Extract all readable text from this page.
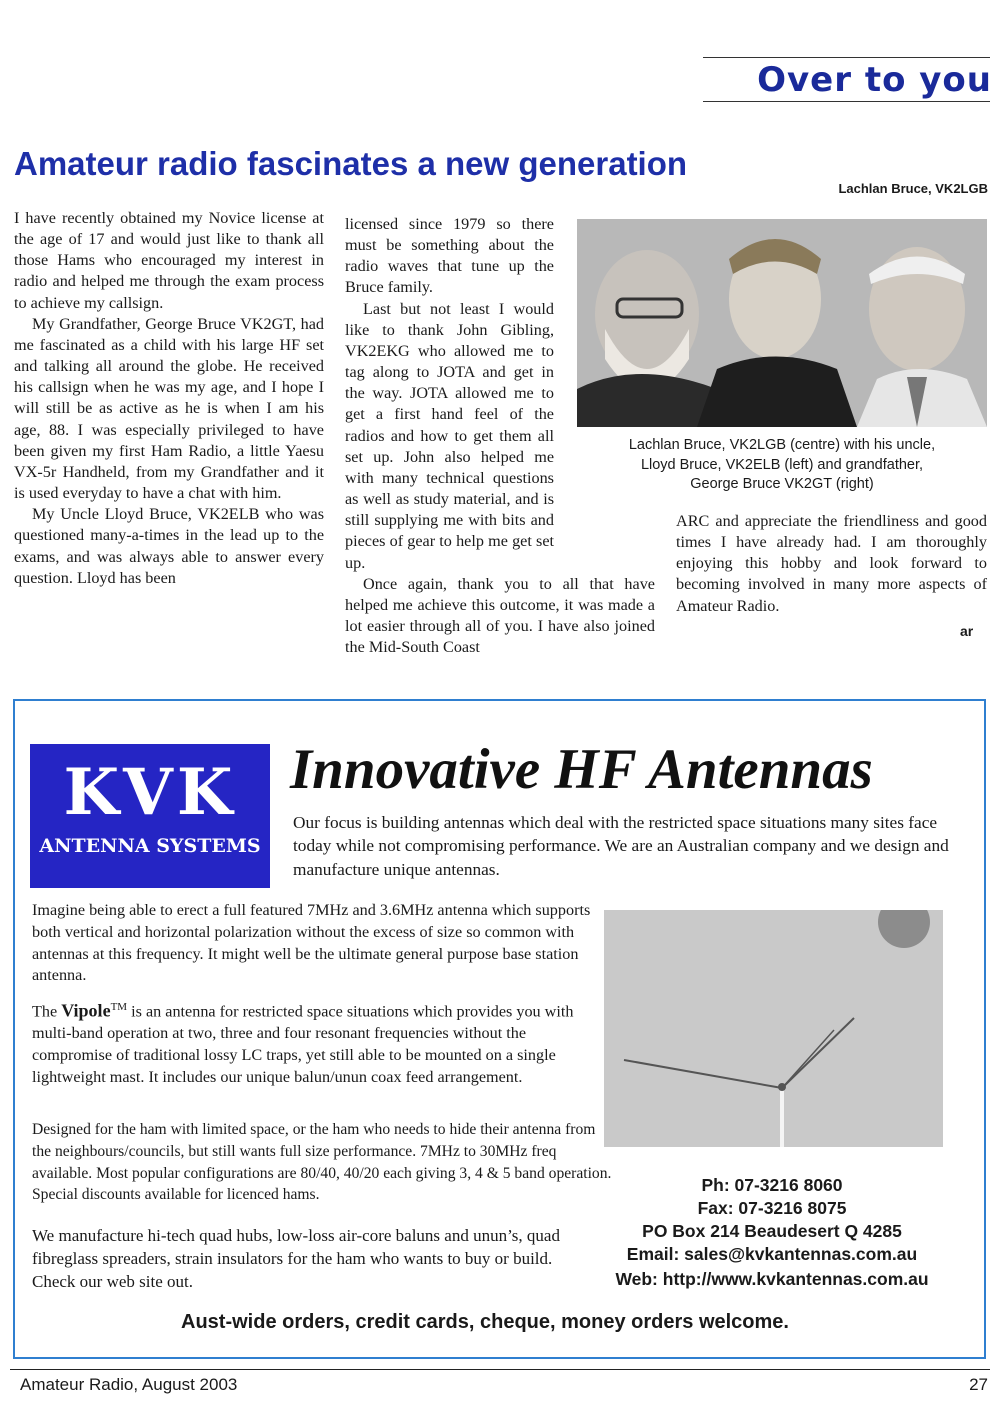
Over to you
Amateur radio fascinates a new generation
Lachlan Bruce, VK2LGB

I have recently obtained my Novice license at the age of 17 and would just like to thank all those Hams who encouraged my interest in radio and helped me through the exam process to achieve my callsign.

My Grandfather, George Bruce VK2GT, had me fascinated as a child with his large HF set and talking all around the globe. He received his callsign when he was my age, and I hope I will still be as active as he is when I am his age, 88. I was especially privileged to have been given my first Ham Radio, a little Yaesu VX-5r Handheld, from my Grandfather and it is used everyday to have a chat with him.

My Uncle Lloyd Bruce, VK2ELB who was questioned many-a-times in the lead up to the exams, and was always able to answer every question. Lloyd has been

licensed since 1979 so there must be something about the radio waves that tune up the Bruce family.

Last but not least I would like to thank John Gibling, VK2EKG who allowed me to tag along to JOTA and get in the way. JOTA allowed me to get a first hand feel of the radios and how to get them all set up. John also helped me with many technical questions as well as study material, and is still supplying me with bits and pieces of gear to help me get set up.

ARC and appreciate the friendliness and good times I have already had. I am thoroughly enjoying this hobby and look forward to becoming involved in many more aspects of Amateur Radio.

Once again, thank you to all that have helped me achieve this outcome, it was made a lot easier through all of you. I have also joined the Mid-South Coast

Lachlan Bruce, VK2LGB (centre) with his uncle,
Lloyd Bruce, VK2ELB (left) and grandfather,
George Bruce VK2GT (right)
ar
KVK
ANTENNA SYSTEMS
Innovative HF Antennas
Our focus is building antennas which deal with the restricted space situations many sites face today while not compromising performance. We are an Australian company and we design and manufacture unique antennas.
Imagine being able to erect a full featured 7MHz and 3.6MHz antenna which supports both vertical and horizontal polarization without the excess of size so common with antennas at this frequency. It might well be the ultimate general purpose base station antenna.
The Vipole™ is an antenna for restricted space situations which provides you with multi-band operation at two, three and four resonant frequencies without the compromise of traditional lossy LC traps, yet still able to be mounted on a single lightweight mast. It includes our unique balun/unun coax feed arrangement.
Designed for the ham with limited space, or the ham who needs to hide their antenna from the neighbours/councils, but still wants full size performance. 7MHz to 30MHz freq available. Most popular configurations are 80/40, 40/20 each giving 3, 4 & 5 band operation. Special discounts available for licenced hams.
We manufacture hi-tech quad hubs, low-loss air-core baluns and unun’s, quad fibreglass spreaders, strain insulators for the ham who wants to buy or build.      Check our web site out.
Ph: 07-3216 8060
Fax: 07-3216 8075
PO Box 214 Beaudesert Q 4285
Email: sales@kvkantennas.com.au
Web: http://www.kvkantennas.com.au
Aust-wide orders, credit cards, cheque, money orders welcome.
Amateur Radio, August 2003	27
